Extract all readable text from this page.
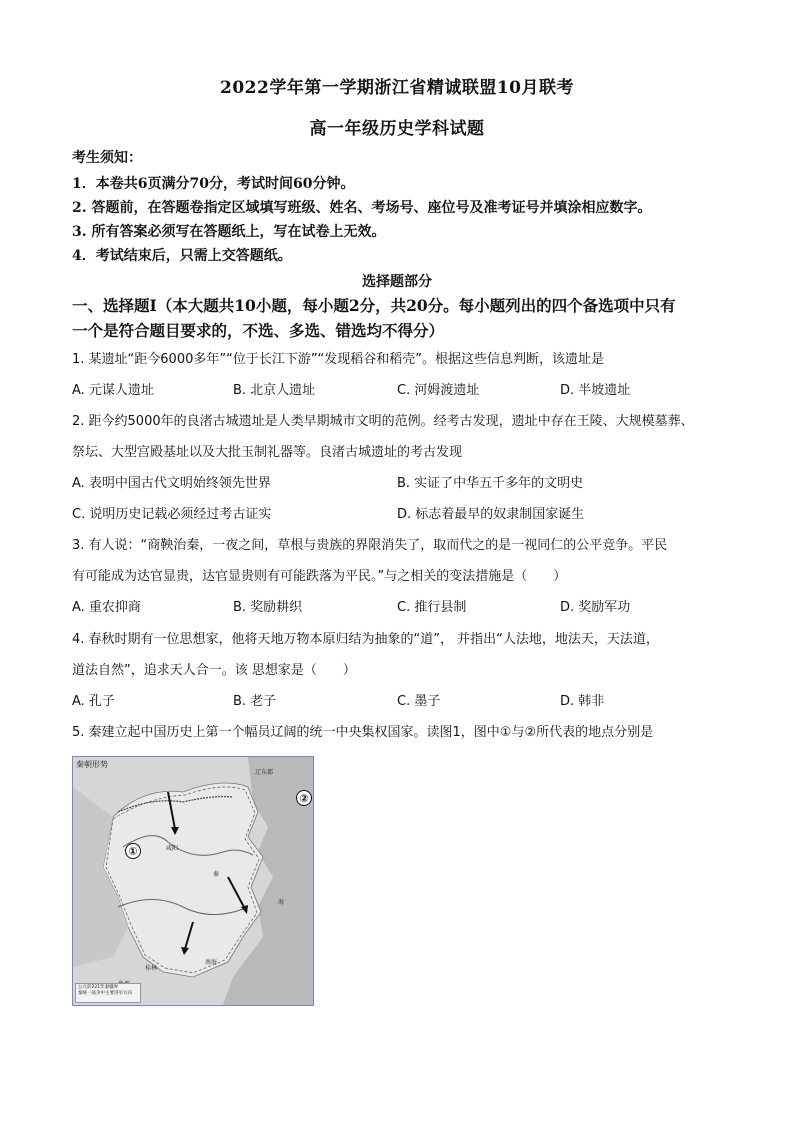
2022学年第一学期浙江省精诚联盟10月联考
高一年级历史学科试题
考生须知：
1．本卷共6页满分70分，考试时间60分钟。
2. 答题前，在答题卷指定区域填写班级、姓名、考场号、座位号及准考证号并填涂相应数字。
3. 所有答案必须写在答题纸上，写在试卷上无效。
4．考试结束后，只需上交答题纸。
选择题部分
一、选择题Ⅰ（本大题共10小题，每小题2分，共20分。每小题列出的四个备选项中只有
一个是符合题目要求的，不选、多选、错选均不得分）
1. 某遗址“距今6000多年”“位于长江下游”“发现稻谷和稻壳”。根据这些信息判断，该遗址是
A. 元谋人遗址	B. 北京人遗址	C. 河姆渡遗址	D. 半坡遗址
2. 距今约5000年的良渚古城遗址是人类早期城市文明的范例。经考古发现，遗址中存在王陵、大规模墓葬、
祭坛、大型宫殿基址以及大批玉制礼器等。良渚古城遗址的考古发现
A. 表明中国古代文明始终领先世界	B. 实证了中华五千多年的文明史
C. 说明历史记载必须经过考古证实	D. 标志着最早的奴隶制国家诞生
3. 有人说：“商鞅治秦，一夜之间，草根与贵族的界限消失了，取而代之的是一视同仁的公平竞争。平民
有可能成为达官显贵，达官显贵则有可能跌落为平民。”与之相关的变法措施是（　　）
A. 重农抑商	B. 奖励耕织	C. 推行县制	D. 奖励军功
4. 春秋时期有一位思想家，他将天地万物本原归结为抽象的“道”， 并指出“人法地，地法天，天法道，
道法自然”，追求天人合一。该 思想家是（　　）
A. 孔子	B. 老子	C. 墨子	D. 韩非
5. 秦建立起中国历史上第一个幅员辽阔的统一中央集权国家。读图1，图中①与②所代表的地点分别是
秦朝形势
辽东郡
咸阳
秦
桂林
南海
海
①
②
公元前221年秦疆界
秦统一战争中主要进军方向
